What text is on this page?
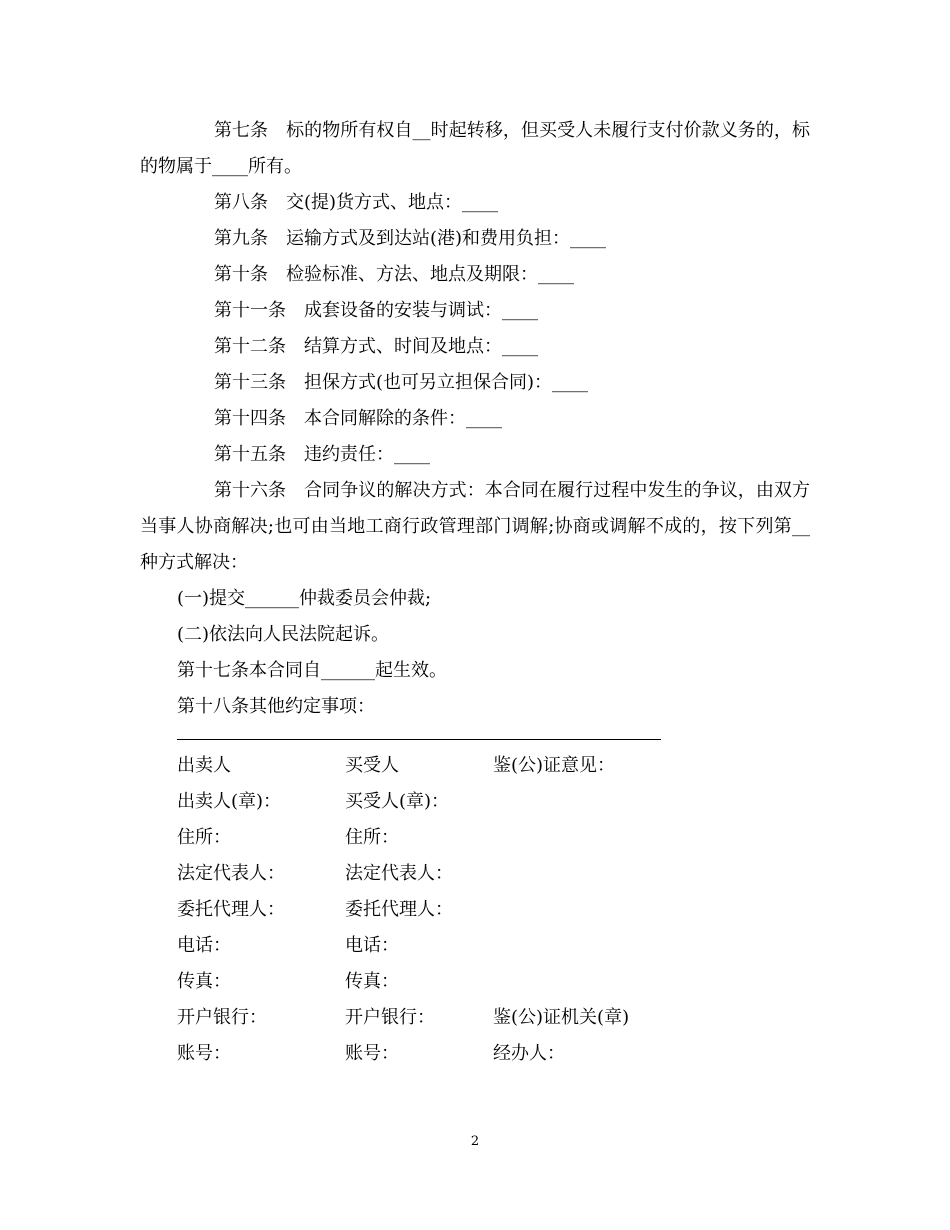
第七条 标的物所有权自__时起转移，但买受人未履行支付价款义务的，标的物属于____所有。

第八条 交(提)货方式、地点：____

第九条 运输方式及到达站(港)和费用负担：____

第十条 检验标准、方法、地点及期限：____

第十一条 成套设备的安装与调试：____

第十二条 结算方式、时间及地点：____

第十三条 担保方式(也可另立担保合同)：____

第十四条 本合同解除的条件：____

第十五条 违约责任：____

第十六条 合同争议的解决方式：本合同在履行过程中发生的争议，由双方当事人协商解决;也可由当地工商行政管理部门调解;协商或调解不成的，按下列第__种方式解决：

(一)提交______仲裁委员会仲裁;

(二)依法向人民法院起诉。

第十七条本合同自______起生效。

第十八条其他约定事项：

出卖人	买受人	鉴(公)证意见：
出卖人(章)：	买受人(章)：
住所：	住所：
法定代表人：	法定代表人：
委托代理人：	委托代理人：
电话：	电话：
传真：	传真：
开户银行：	开户银行：	鉴(公)证机关(章)
账号：	账号：	经办人：
2
